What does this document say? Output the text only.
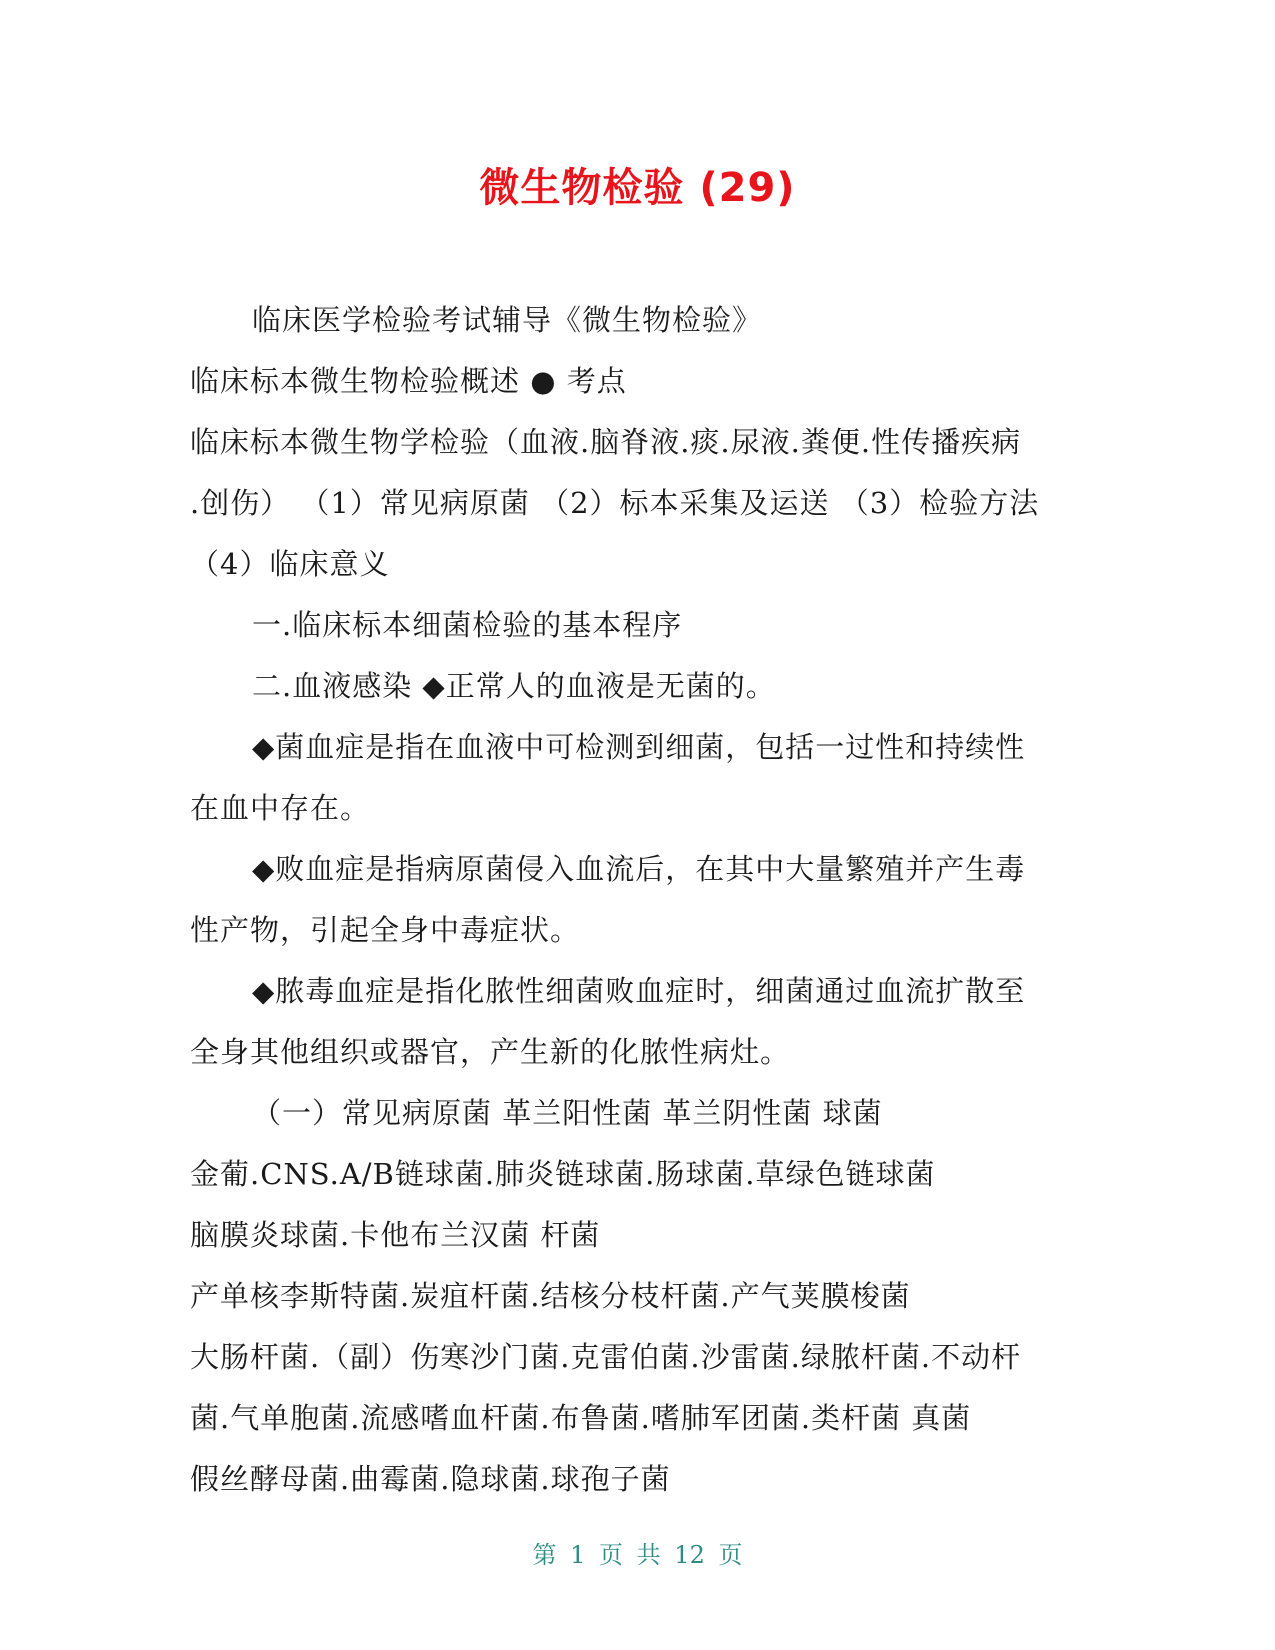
微生物检验 (29)
临床医学检验考试辅导《微生物检验》
临床标本微生物检验概述 ● 考点
临床标本微生物学检验（血液.脑脊液.痰.尿液.粪便.性传播疾病
.创伤） （1）常见病原菌 （2）标本采集及运送 （3）检验方法
（4）临床意义
一.临床标本细菌检验的基本程序
二.血液感染 ◆正常人的血液是无菌的。
◆菌血症是指在血液中可检测到细菌，包括一过性和持续性
在血中存在。
◆败血症是指病原菌侵入血流后，在其中大量繁殖并产生毒
性产物，引起全身中毒症状。
◆脓毒血症是指化脓性细菌败血症时，细菌通过血流扩散至
全身其他组织或器官，产生新的化脓性病灶。
（一）常见病原菌 革兰阳性菌 革兰阴性菌 球菌
金葡.CNS.A/B链球菌.肺炎链球菌.肠球菌.草绿色链球菌
脑膜炎球菌.卡他布兰汉菌 杆菌
产单核李斯特菌.炭疽杆菌.结核分枝杆菌.产气荚膜梭菌
大肠杆菌.（副）伤寒沙门菌.克雷伯菌.沙雷菌.绿脓杆菌.不动杆
菌.气单胞菌.流感嗜血杆菌.布鲁菌.嗜肺军团菌.类杆菌 真菌
假丝酵母菌.曲霉菌.隐球菌.球孢子菌
第 1 页 共 12 页
